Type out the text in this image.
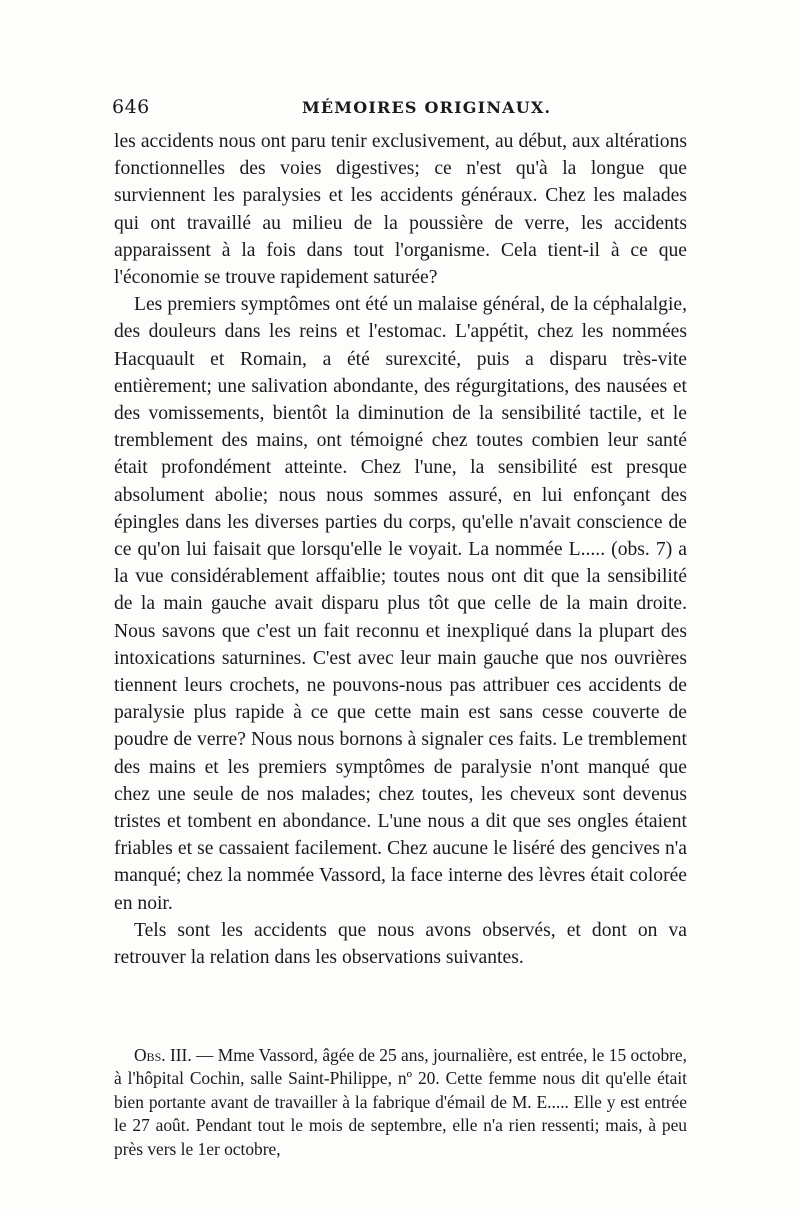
646	MÉMOIRES ORIGINAUX.

les accidents nous ont paru tenir exclusivement, au début, aux altérations fonctionnelles des voies digestives; ce n'est qu'à la longue que surviennent les paralysies et les accidents généraux. Chez les malades qui ont travaillé au milieu de la poussière de verre, les accidents apparaissent à la fois dans tout l'organisme. Cela tient-il à ce que l'économie se trouve rapidement saturée?

Les premiers symptômes ont été un malaise général, de la céphalalgie, des douleurs dans les reins et l'estomac. L'appétit, chez les nommées Hacquault et Romain, a été surexcité, puis a disparu très-vite entièrement; une salivation abondante, des régurgitations, des nausées et des vomissements, bientôt la diminution de la sensibilité tactile, et le tremblement des mains, ont témoigné chez toutes combien leur santé était profondément atteinte. Chez l'une, la sensibilité est presque absolument abolie; nous nous sommes assuré, en lui enfonçant des épingles dans les diverses parties du corps, qu'elle n'avait conscience de ce qu'on lui faisait que lorsqu'elle le voyait. La nommée L..... (obs. 7) a la vue considérablement affaiblie; toutes nous ont dit que la sensibilité de la main gauche avait disparu plus tôt que celle de la main droite. Nous savons que c'est un fait reconnu et inexpliqué dans la plupart des intoxications saturnines. C'est avec leur main gauche que nos ouvrières tiennent leurs crochets, ne pouvons-nous pas attribuer ces accidents de paralysie plus rapide à ce que cette main est sans cesse couverte de poudre de verre? Nous nous bornons à signaler ces faits. Le tremblement des mains et les premiers symptômes de paralysie n'ont manqué que chez une seule de nos malades; chez toutes, les cheveux sont devenus tristes et tombent en abondance. L'une nous a dit que ses ongles étaient friables et se cassaient facilement. Chez aucune le liséré des gencives n'a manqué; chez la nommée Vassord, la face interne des lèvres était colorée en noir.

Tels sont les accidents que nous avons observés, et dont on va retrouver la relation dans les observations suivantes.

Obs. III. — Mme Vassord, âgée de 25 ans, journalière, est entrée, le 15 octobre, à l'hôpital Cochin, salle Saint-Philippe, nº 20. Cette femme nous dit qu'elle était bien portante avant de travailler à la fabrique d'émail de M. E..... Elle y est entrée le 27 août. Pendant tout le mois de septembre, elle n'a rien ressenti; mais, à peu près vers le 1er octobre,
